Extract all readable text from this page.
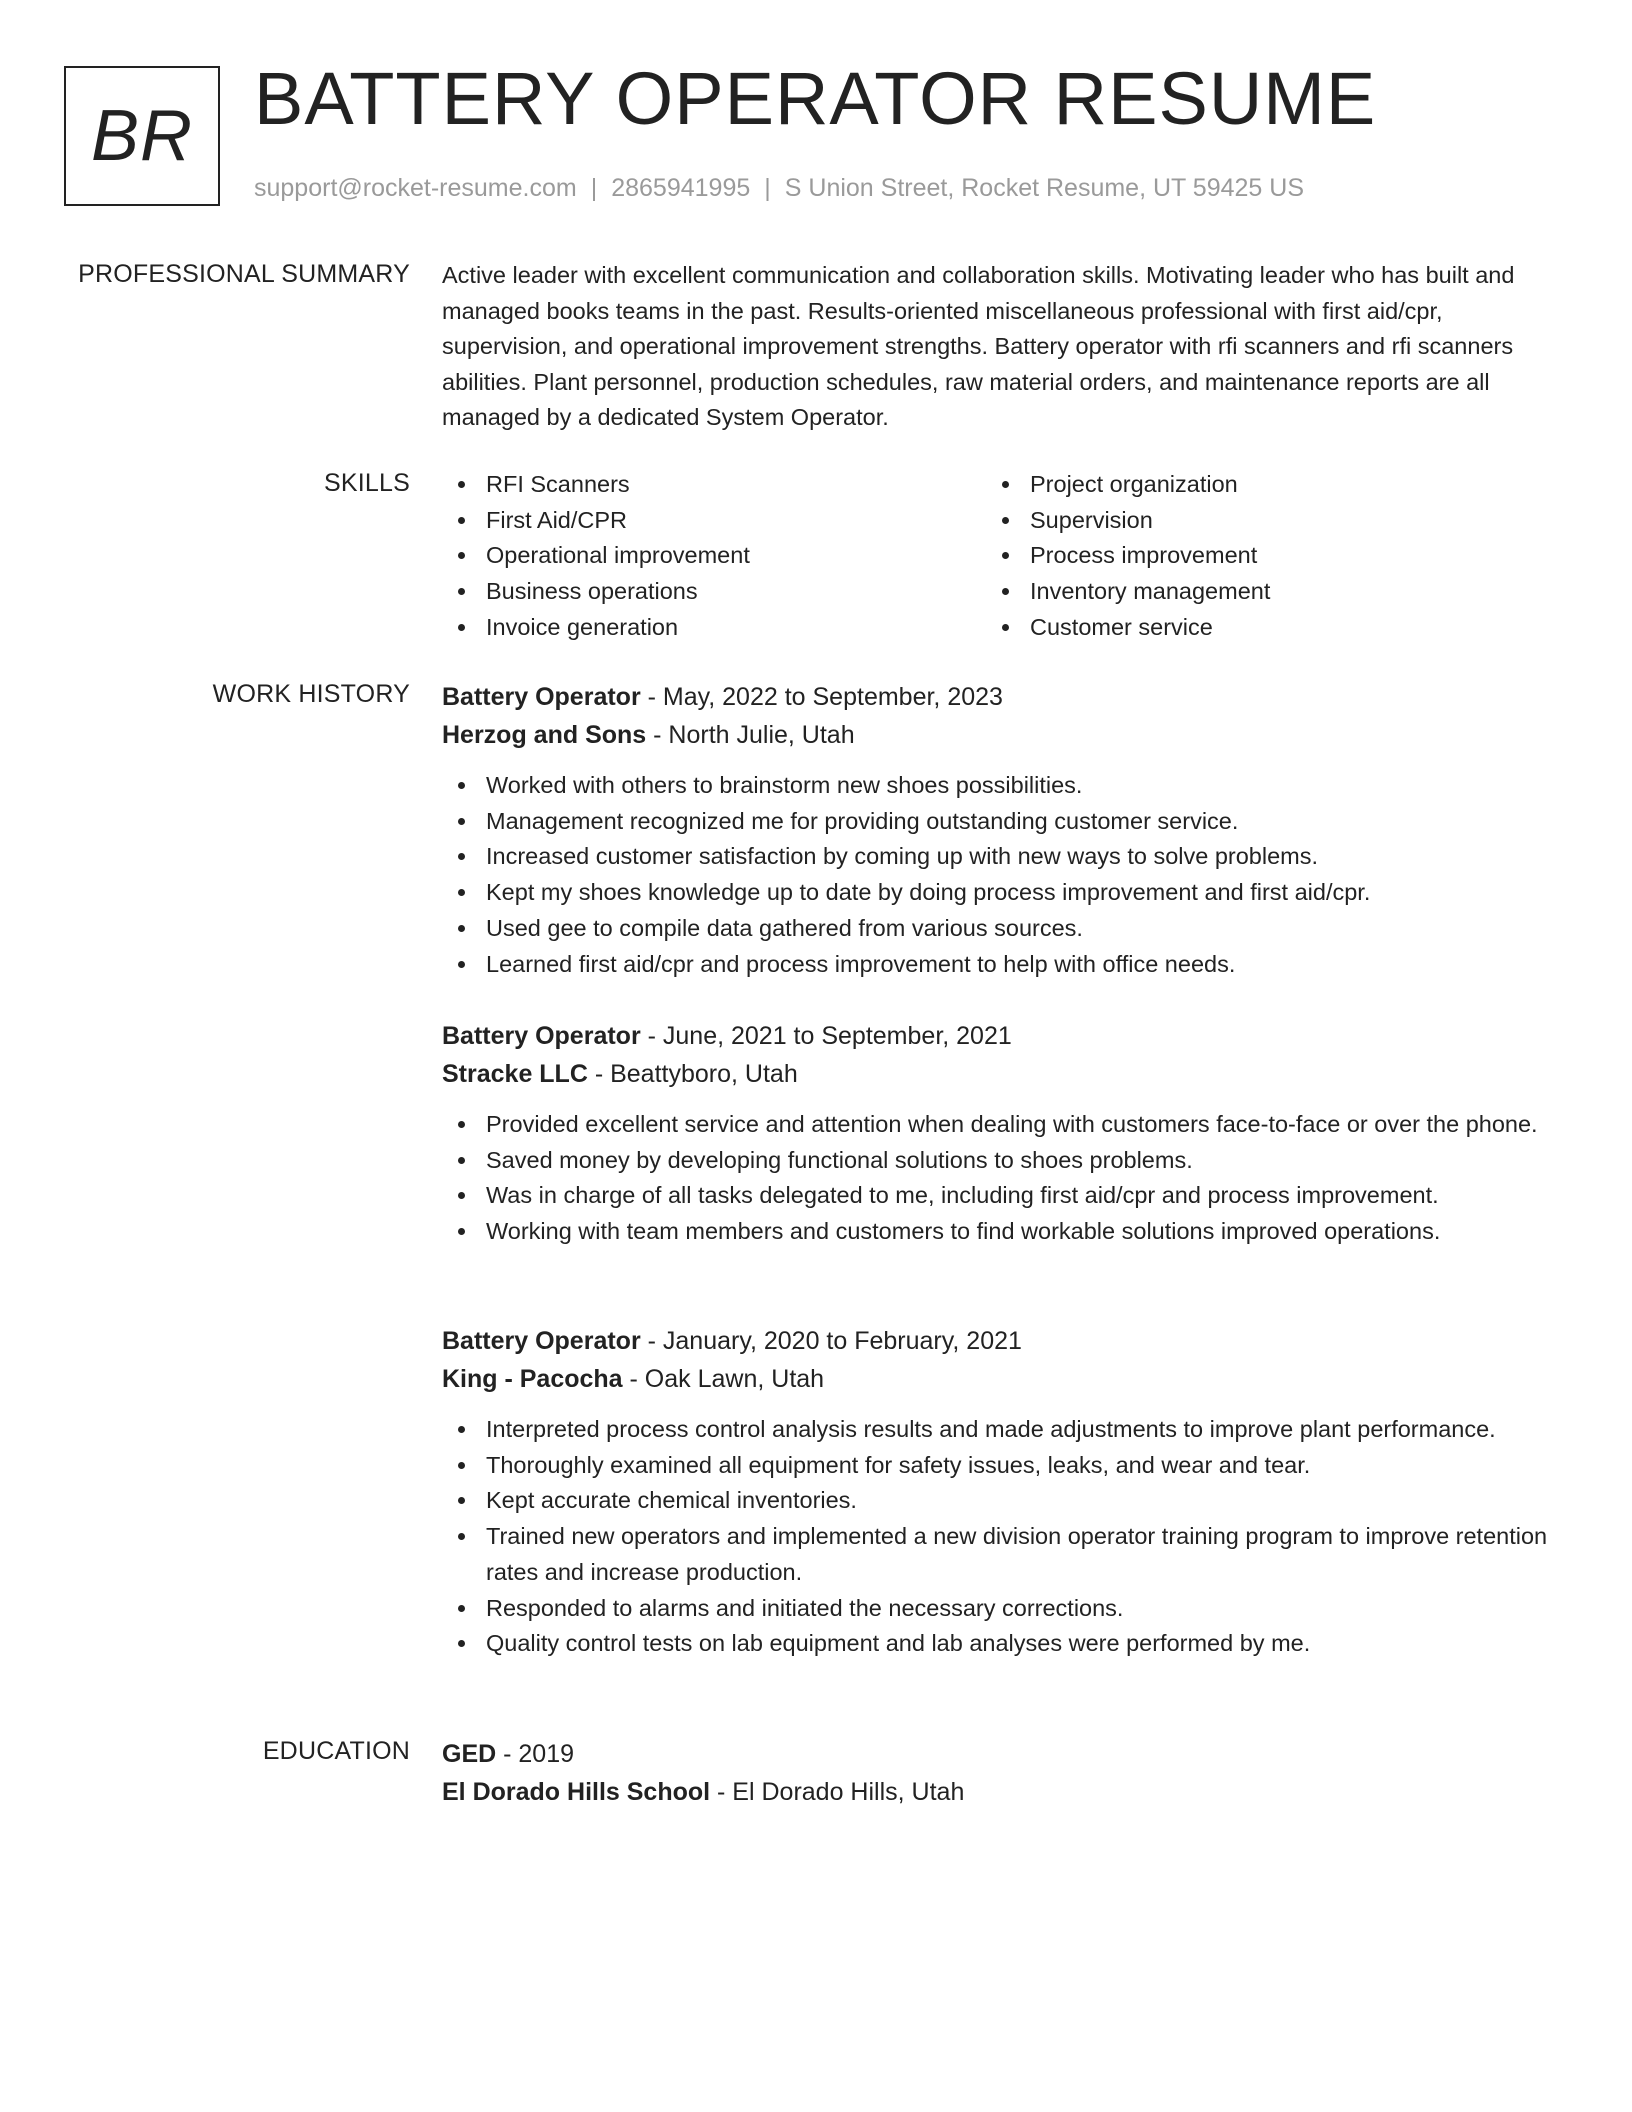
BR BATTERY OPERATOR RESUME
support@rocket-resume.com | 2865941995 | S Union Street, Rocket Resume, UT 59425 US
PROFESSIONAL SUMMARY Active leader with excellent communication and collaboration skills. Motivating leader who has built and managed books teams in the past. Results-oriented miscellaneous professional with first aid/cpr, supervision, and operational improvement strengths. Battery operator with rfi scanners and rfi scanners abilities. Plant personnel, production schedules, raw material orders, and maintenance reports are all managed by a dedicated System Operator.

SKILLS	RFI Scanners
First Aid/CPR
Operational improvement
Business operations
Invoice generation
Project organization
Supervision
Process improvement
Inventory management
Customer service
WORK HISTORY Battery Operator - May, 2022 to September, 2023
Herzog and Sons - North Julie, Utah
Worked with others to brainstorm new shoes possibilities.
Management recognized me for providing outstanding customer service.
Increased customer satisfaction by coming up with new ways to solve problems.
Kept my shoes knowledge up to date by doing process improvement and first aid/cpr.
Used gee to compile data gathered from various sources.
Learned first aid/cpr and process improvement to help with office needs.
Battery Operator - June, 2021 to September, 2021
Stracke LLC - Beattyboro, Utah
Provided excellent service and attention when dealing with customers face-to-face or over the phone.
Saved money by developing functional solutions to shoes problems.
Was in charge of all tasks delegated to me, including first aid/cpr and process improvement.
Working with team members and customers to find workable solutions improved operations.
Battery Operator - January, 2020 to February, 2021
King - Pacocha - Oak Lawn, Utah
Interpreted process control analysis results and made adjustments to improve plant performance.
Thoroughly examined all equipment for safety issues, leaks, and wear and tear.
Kept accurate chemical inventories.
Trained new operators and implemented a new division operator training program to improve retention rates and increase production.
Responded to alarms and initiated the necessary corrections.
Quality control tests on lab equipment and lab analyses were performed by me.
EDUCATION GED - 2019
El Dorado Hills School - El Dorado Hills, Utah
